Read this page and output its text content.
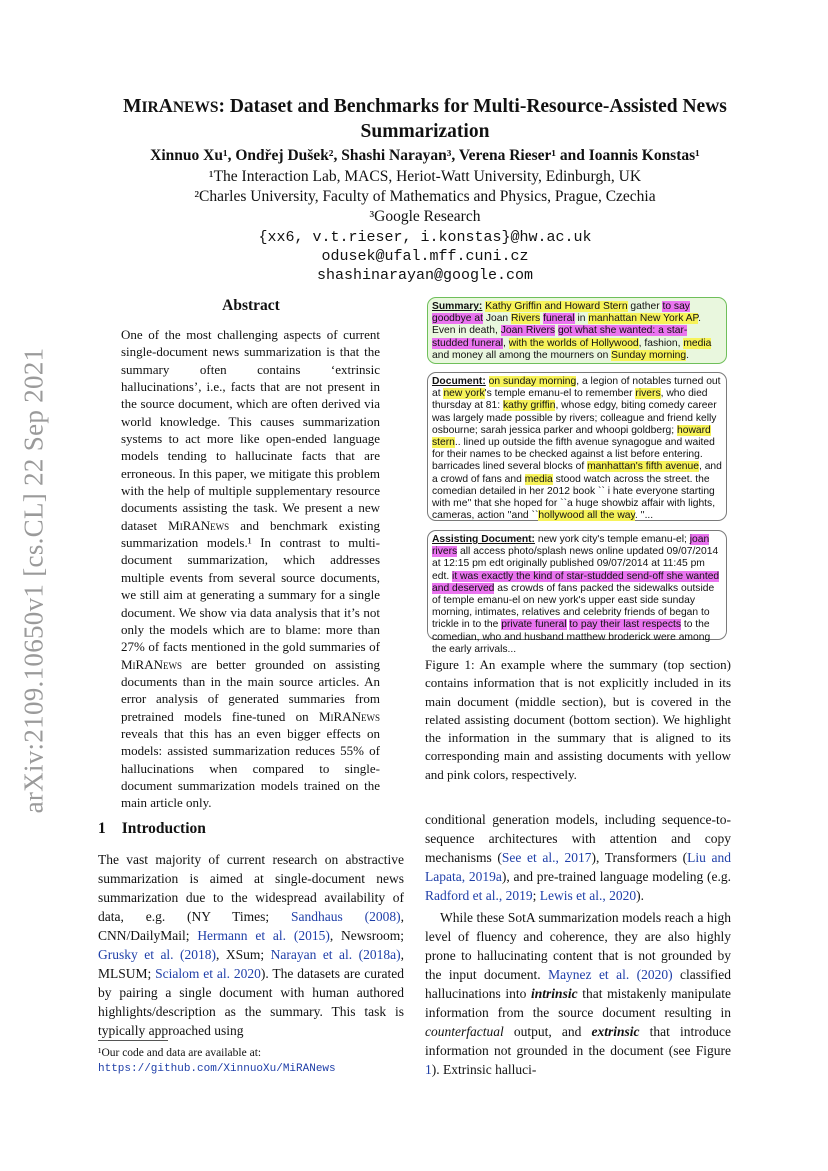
arXiv:2109.10650v1 [cs.CL] 22 Sep 2021
MIRANEWS: Dataset and Benchmarks for Multi-Resource-Assisted News
Summarization
Xinnuo Xu¹, Ondřej Dušek², Shashi Narayan³, Verena Rieser¹ and Ioannis Konstas¹
¹The Interaction Lab, MACS, Heriot-Watt University, Edinburgh, UK
²Charles University, Faculty of Mathematics and Physics, Prague, Czechia
³Google Research
{xx6, v.t.rieser, i.konstas}@hw.ac.uk
odusek@ufal.mff.cuni.cz
shashinarayan@google.com
Abstract
One of the most challenging aspects of current single-document news summarization is that the summary often contains ‘extrinsic hallucinations’, i.e., facts that are not present in the source document, which are often derived via world knowledge. This causes summarization systems to act more like open-ended language models tending to hallucinate facts that are erroneous. In this paper, we mitigate this problem with the help of multiple supplementary resource documents assisting the task. We present a new dataset MiRANews and benchmark existing summarization models.¹ In contrast to multi-document summarization, which addresses multiple events from several source documents, we still aim at generating a summary for a single document. We show via data analysis that it’s not only the models which are to blame: more than 27% of facts mentioned in the gold summaries of MiRANews are better grounded on assisting documents than in the main source articles. An error analysis of generated summaries from pretrained models fine-tuned on MiRANews reveals that this has an even bigger effects on models: assisted summarization reduces 55% of hallucinations when compared to single-document summarization models trained on the main article only.
1 Introduction
The vast majority of current research on abstractive summarization is aimed at single-document news summarization due to the widespread availability of data, e.g. (NY Times; Sandhaus (2008), CNN/DailyMail; Hermann et al. (2015), Newsroom; Grusky et al. (2018), XSum; Narayan et al. (2018a), MLSUM; Scialom et al. 2020). The datasets are curated by pairing a single document with human authored highlights/description as the summary. This task is typically approached using
¹Our code and data are available at:
https://github.com/XinnuoXu/MiRANews
Summary: Kathy Griffin and Howard Stern gather to say goodbye at Joan Rivers funeral in manhattan New York AP. Even in death, Joan Rivers got what she wanted: a star-studded funeral, with the worlds of Hollywood, fashion, media and money all among the mourners on Sunday morning.
Document: on sunday morning, a legion of notables turned out at new york's temple emanu-el to remember rivers, who died thursday at 81: kathy griffin, whose edgy, biting comedy career was largely made possible by rivers; colleague and friend kelly osbourne; sarah jessica parker and whoopi goldberg; howard stern.. lined up outside the fifth avenue synagogue and waited for their names to be checked against a list before entering. barricades lined several blocks of manhattan's fifth avenue, and a crowd of fans and media stood watch across the street. the comedian detailed in her 2012 book `` i hate everyone starting with me'' that she hoped for ``a huge showbiz affair with lights, cameras, action ''and ``hollywood all the way. ''...
Assisting Document: new york city's temple emanu-el; joan rivers all access photo/splash news online updated 09/07/2014 at 12:15 pm edt originally published 09/07/2014 at 11:45 pm edt. it was exactly the kind of star-studded send-off she wanted and deserved as crowds of fans packed the sidewalks outside of temple emanu-el on new york's upper east side sunday morning, intimates, relatives and celebrity friends of began to trickle in to the private funeral to pay their last respects to the comedian, who and husband matthew broderick were among the early arrivals...
Figure 1: An example where the summary (top section) contains information that is not explicitly included in its main document (middle section), but is covered in the related assisting document (bottom section). We highlight the information in the summary that is aligned to its corresponding main and assisting documents with yellow and pink colors, respectively.

conditional generation models, including sequence-to-sequence architectures with attention and copy mechanisms (See et al., 2017), Transformers (Liu and Lapata, 2019a), and pre-trained language modeling (e.g. Radford et al., 2019; Lewis et al., 2020).

While these SotA summarization models reach a high level of fluency and coherence, they are also highly prone to hallucinating content that is not grounded by the input document. Maynez et al. (2020) classified hallucinations into intrinsic that mistakenly manipulate information from the source document resulting in counterfactual output, and extrinsic that introduce information not grounded in the document (see Figure 1). Extrinsic halluci-
